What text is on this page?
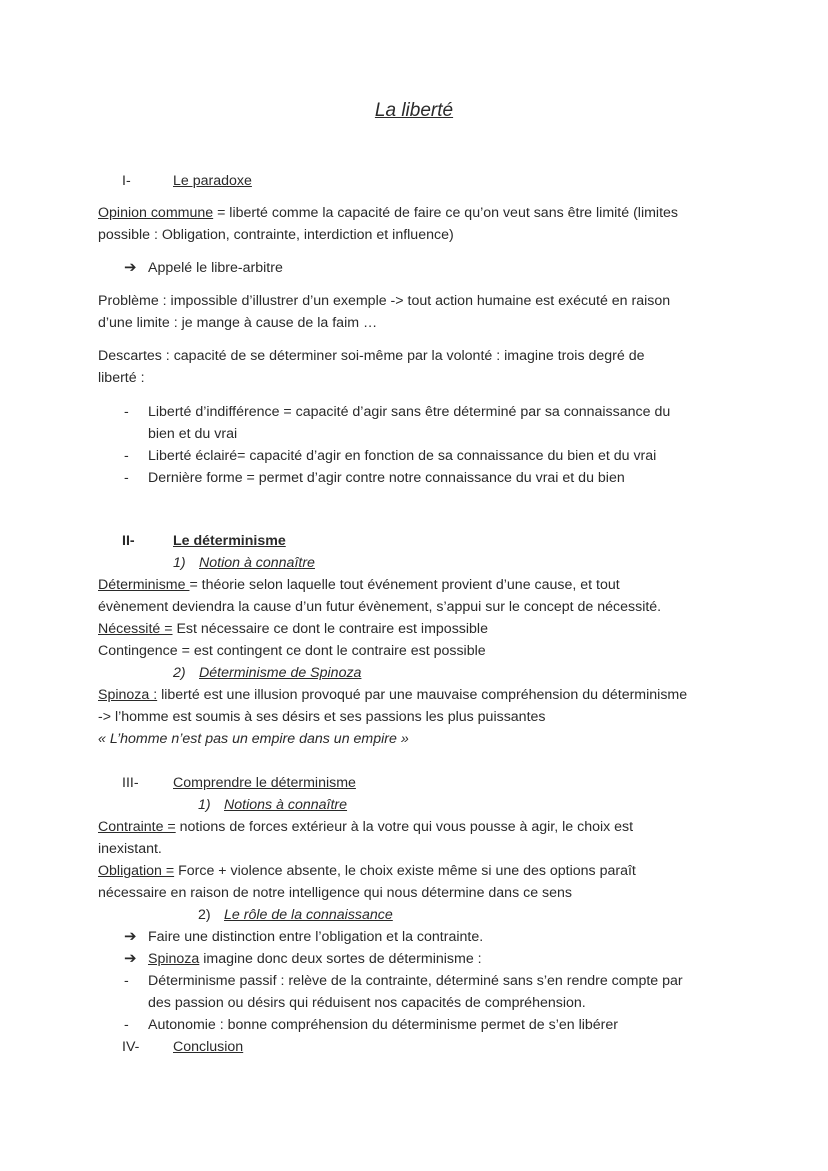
La liberté
I-	Le paradoxe
Opinion commune = liberté comme la capacité de faire ce qu’on veut sans être limité (limites
possible : Obligation, contrainte, interdiction et influence)
➔ Appelé le libre-arbitre
Problème : impossible d’illustrer d’un exemple -> tout action humaine est exécuté en raison
d’une limite : je mange à cause de la faim …
Descartes : capacité de se déterminer soi-même par la volonté : imagine trois degré de
liberté :
- Liberté d’indifférence = capacité d’agir sans être déterminé par sa connaissance du
bien et du vrai
- Liberté éclairé= capacité d’agir en fonction de sa connaissance du bien et du vrai
- Dernière forme = permet d’agir contre notre connaissance du vrai et du bien
II-	Le déterminisme
1) Notion à connaître
Déterminisme = théorie selon laquelle tout événement provient d’une cause, et tout
évènement deviendra la cause d’un futur évènement, s’appui sur le concept de nécessité.
Nécessité = Est nécessaire ce dont le contraire est impossible
Contingence = est contingent ce dont le contraire est possible
2) Déterminisme de Spinoza
Spinoza : liberté est une illusion provoqué par une mauvaise compréhension du déterminisme
-> l’homme est soumis à ses désirs et ses passions les plus puissantes
« L’homme n’est pas un empire dans un empire »
III- Comprendre le déterminisme
1) Notions à connaître
Contrainte = notions de forces extérieur à la votre qui vous pousse à agir, le choix est
inexistant.
Obligation = Force + violence absente, le choix existe même si une des options paraît
nécessaire en raison de notre intelligence qui nous détermine dans ce sens
2) Le rôle de la connaissance
➔ Faire une distinction entre l’obligation et la contrainte.
➔ Spinoza imagine donc deux sortes de déterminisme :
- Déterminisme passif : relève de la contrainte, déterminé sans s’en rendre compte par
des passion ou désirs qui réduisent nos capacités de compréhension.
- Autonomie : bonne compréhension du déterminisme permet de s’en libérer
IV- Conclusion
